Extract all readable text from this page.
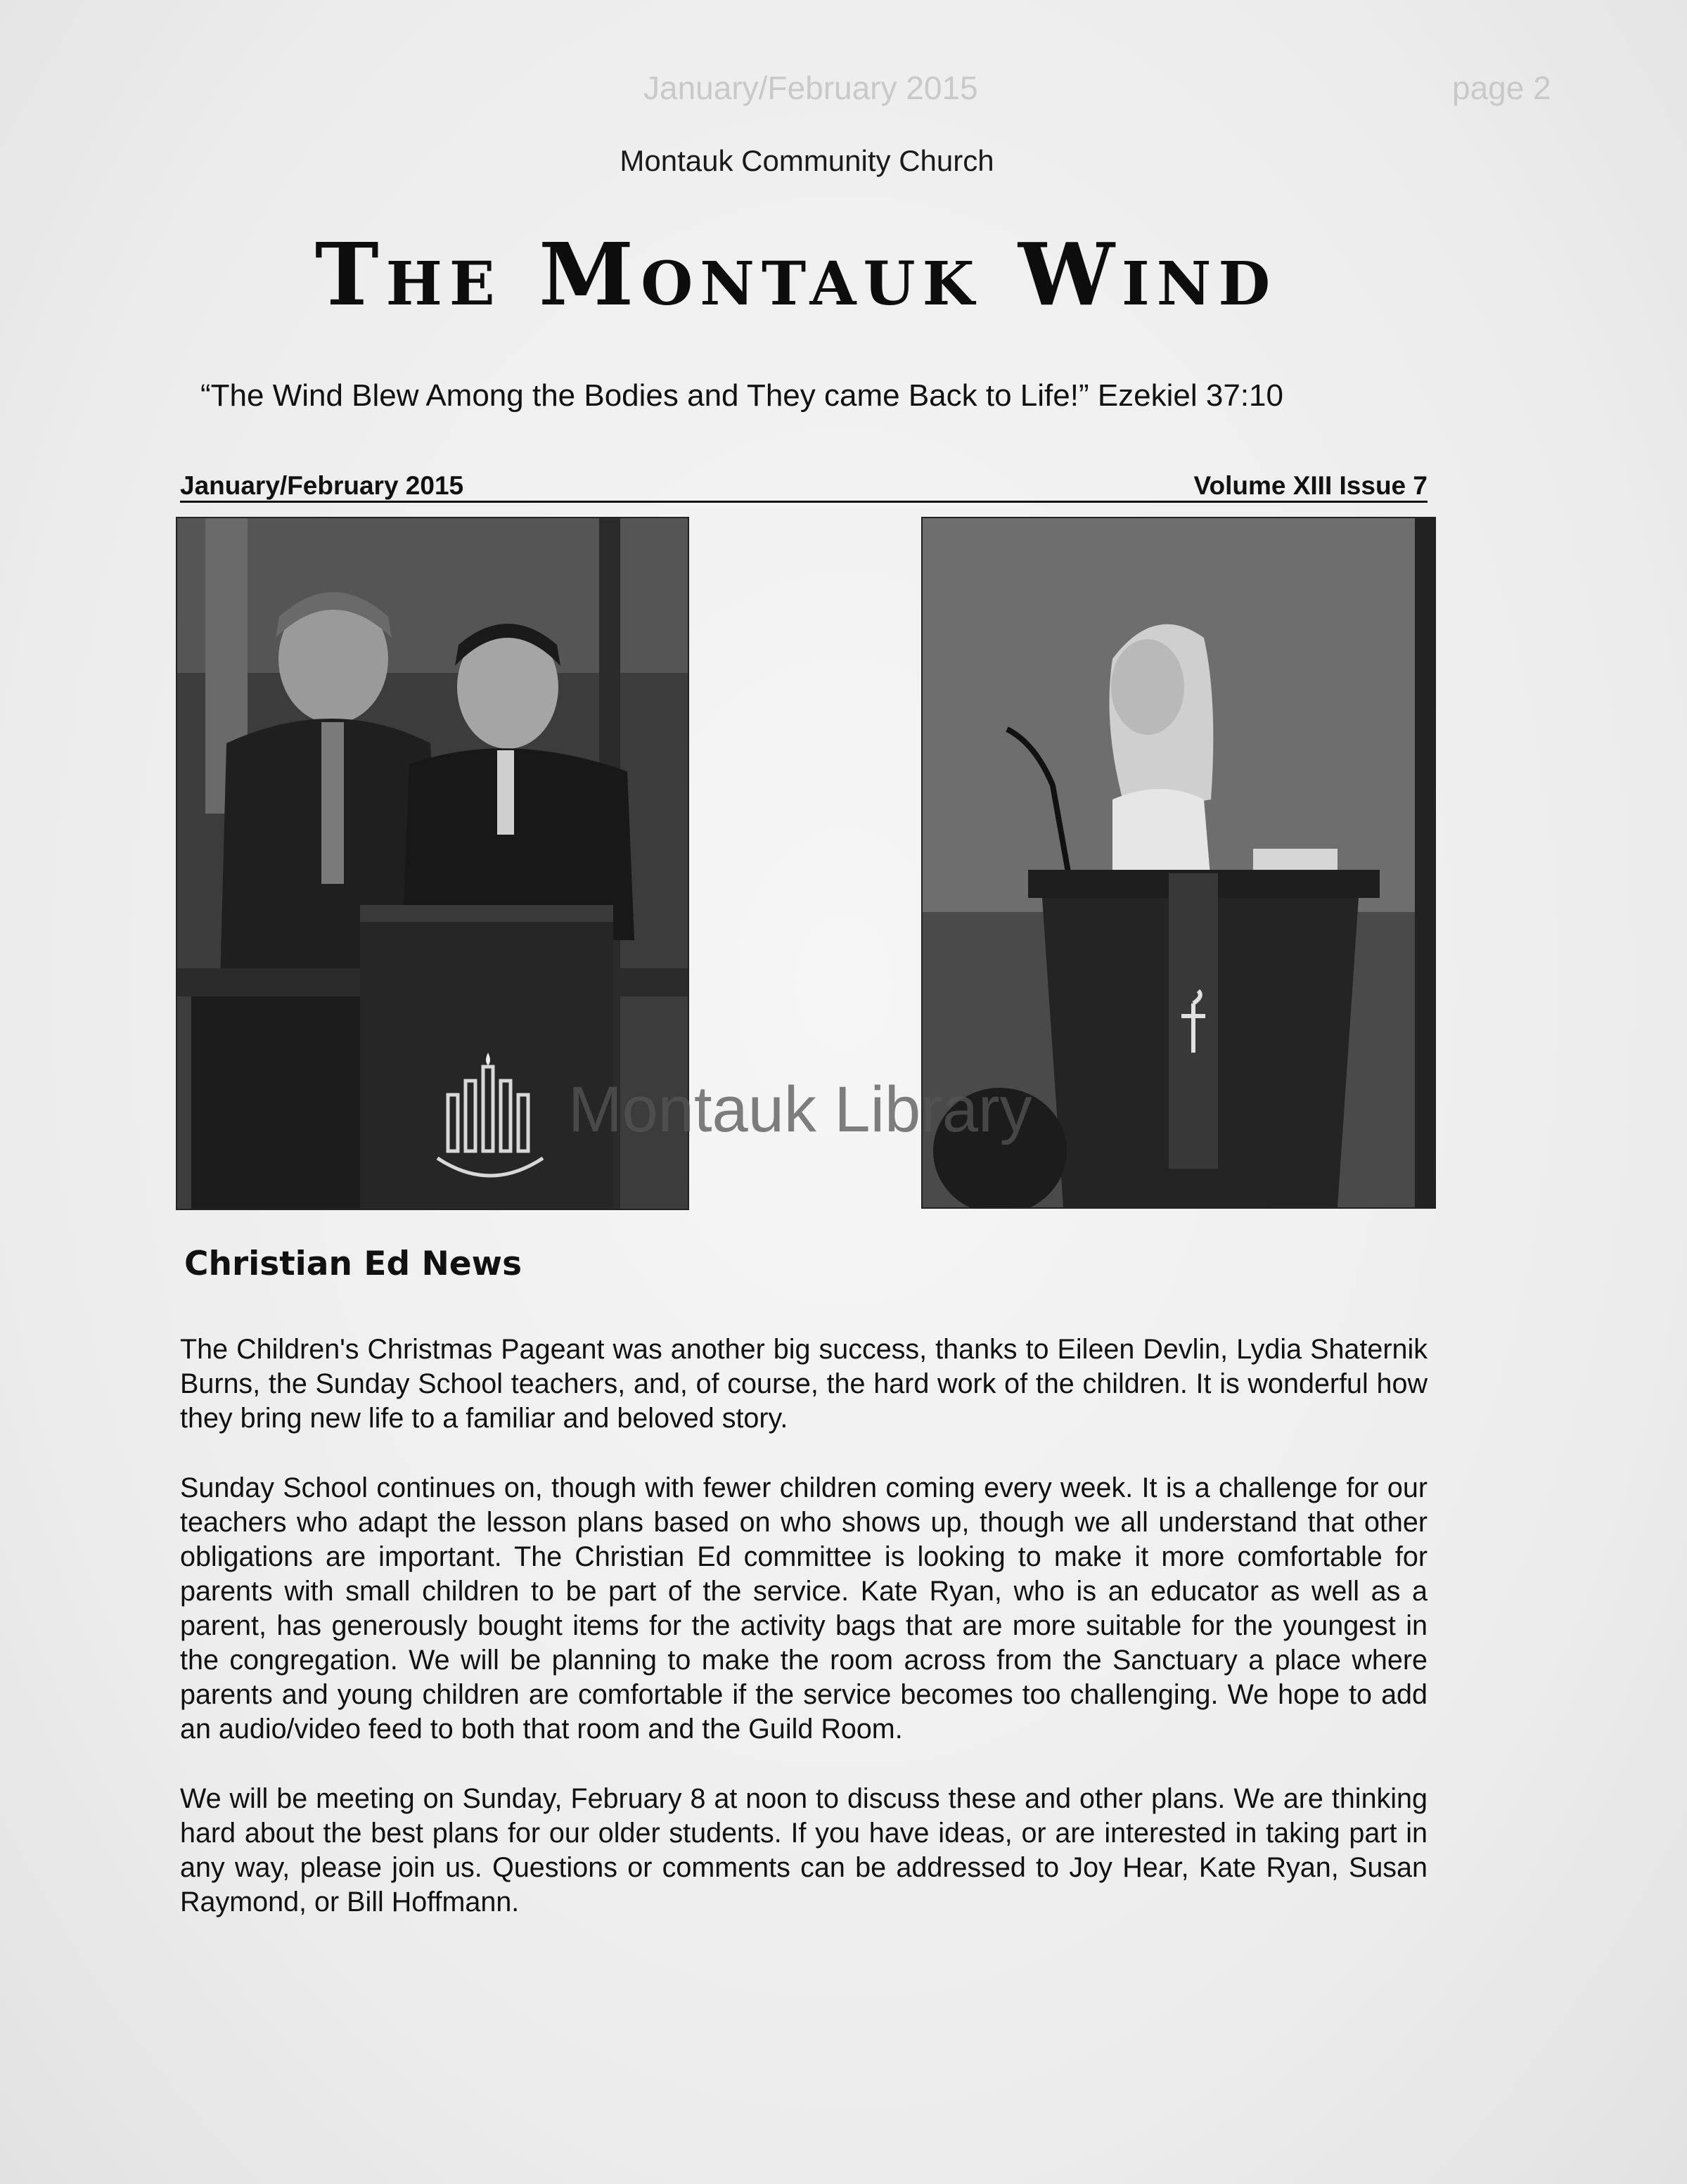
January/February 2015	page 2
Montauk Community Church
The Montauk Wind
“The Wind Blew Among the Bodies and They came Back to Life!” Ezekiel 37:10
January/February 2015	Volume XIII Issue 7
Montauk Library
Christian Ed News

The Children's Christmas Pageant was another big success, thanks to Eileen Devlin, Lydia Shaternik Burns, the Sunday School teachers, and, of course, the hard work of the children. It is wonderful how they bring new life to a familiar and beloved story.

Sunday School continues on, though with fewer children coming every week. It is a challenge for our teachers who adapt the lesson plans based on who shows up, though we all understand that other obligations are important. The Christian Ed committee is looking to make it more comfortable for parents with small children to be part of the service. Kate Ryan, who is an educator as well as a parent, has generously bought items for the activity bags that are more suitable for the youngest in the congregation. We will be planning to make the room across from the Sanctuary a place where parents and young children are comfortable if the service becomes too challenging. We hope to add an audio/video feed to both that room and the Guild Room.

We will be meeting on Sunday, February 8 at noon to discuss these and other plans. We are thinking hard about the best plans for our older students. If you have ideas, or are interested in taking part in any way, please join us. Questions or comments can be addressed to Joy Hear, Kate Ryan, Susan Raymond, or Bill Hoffmann.
